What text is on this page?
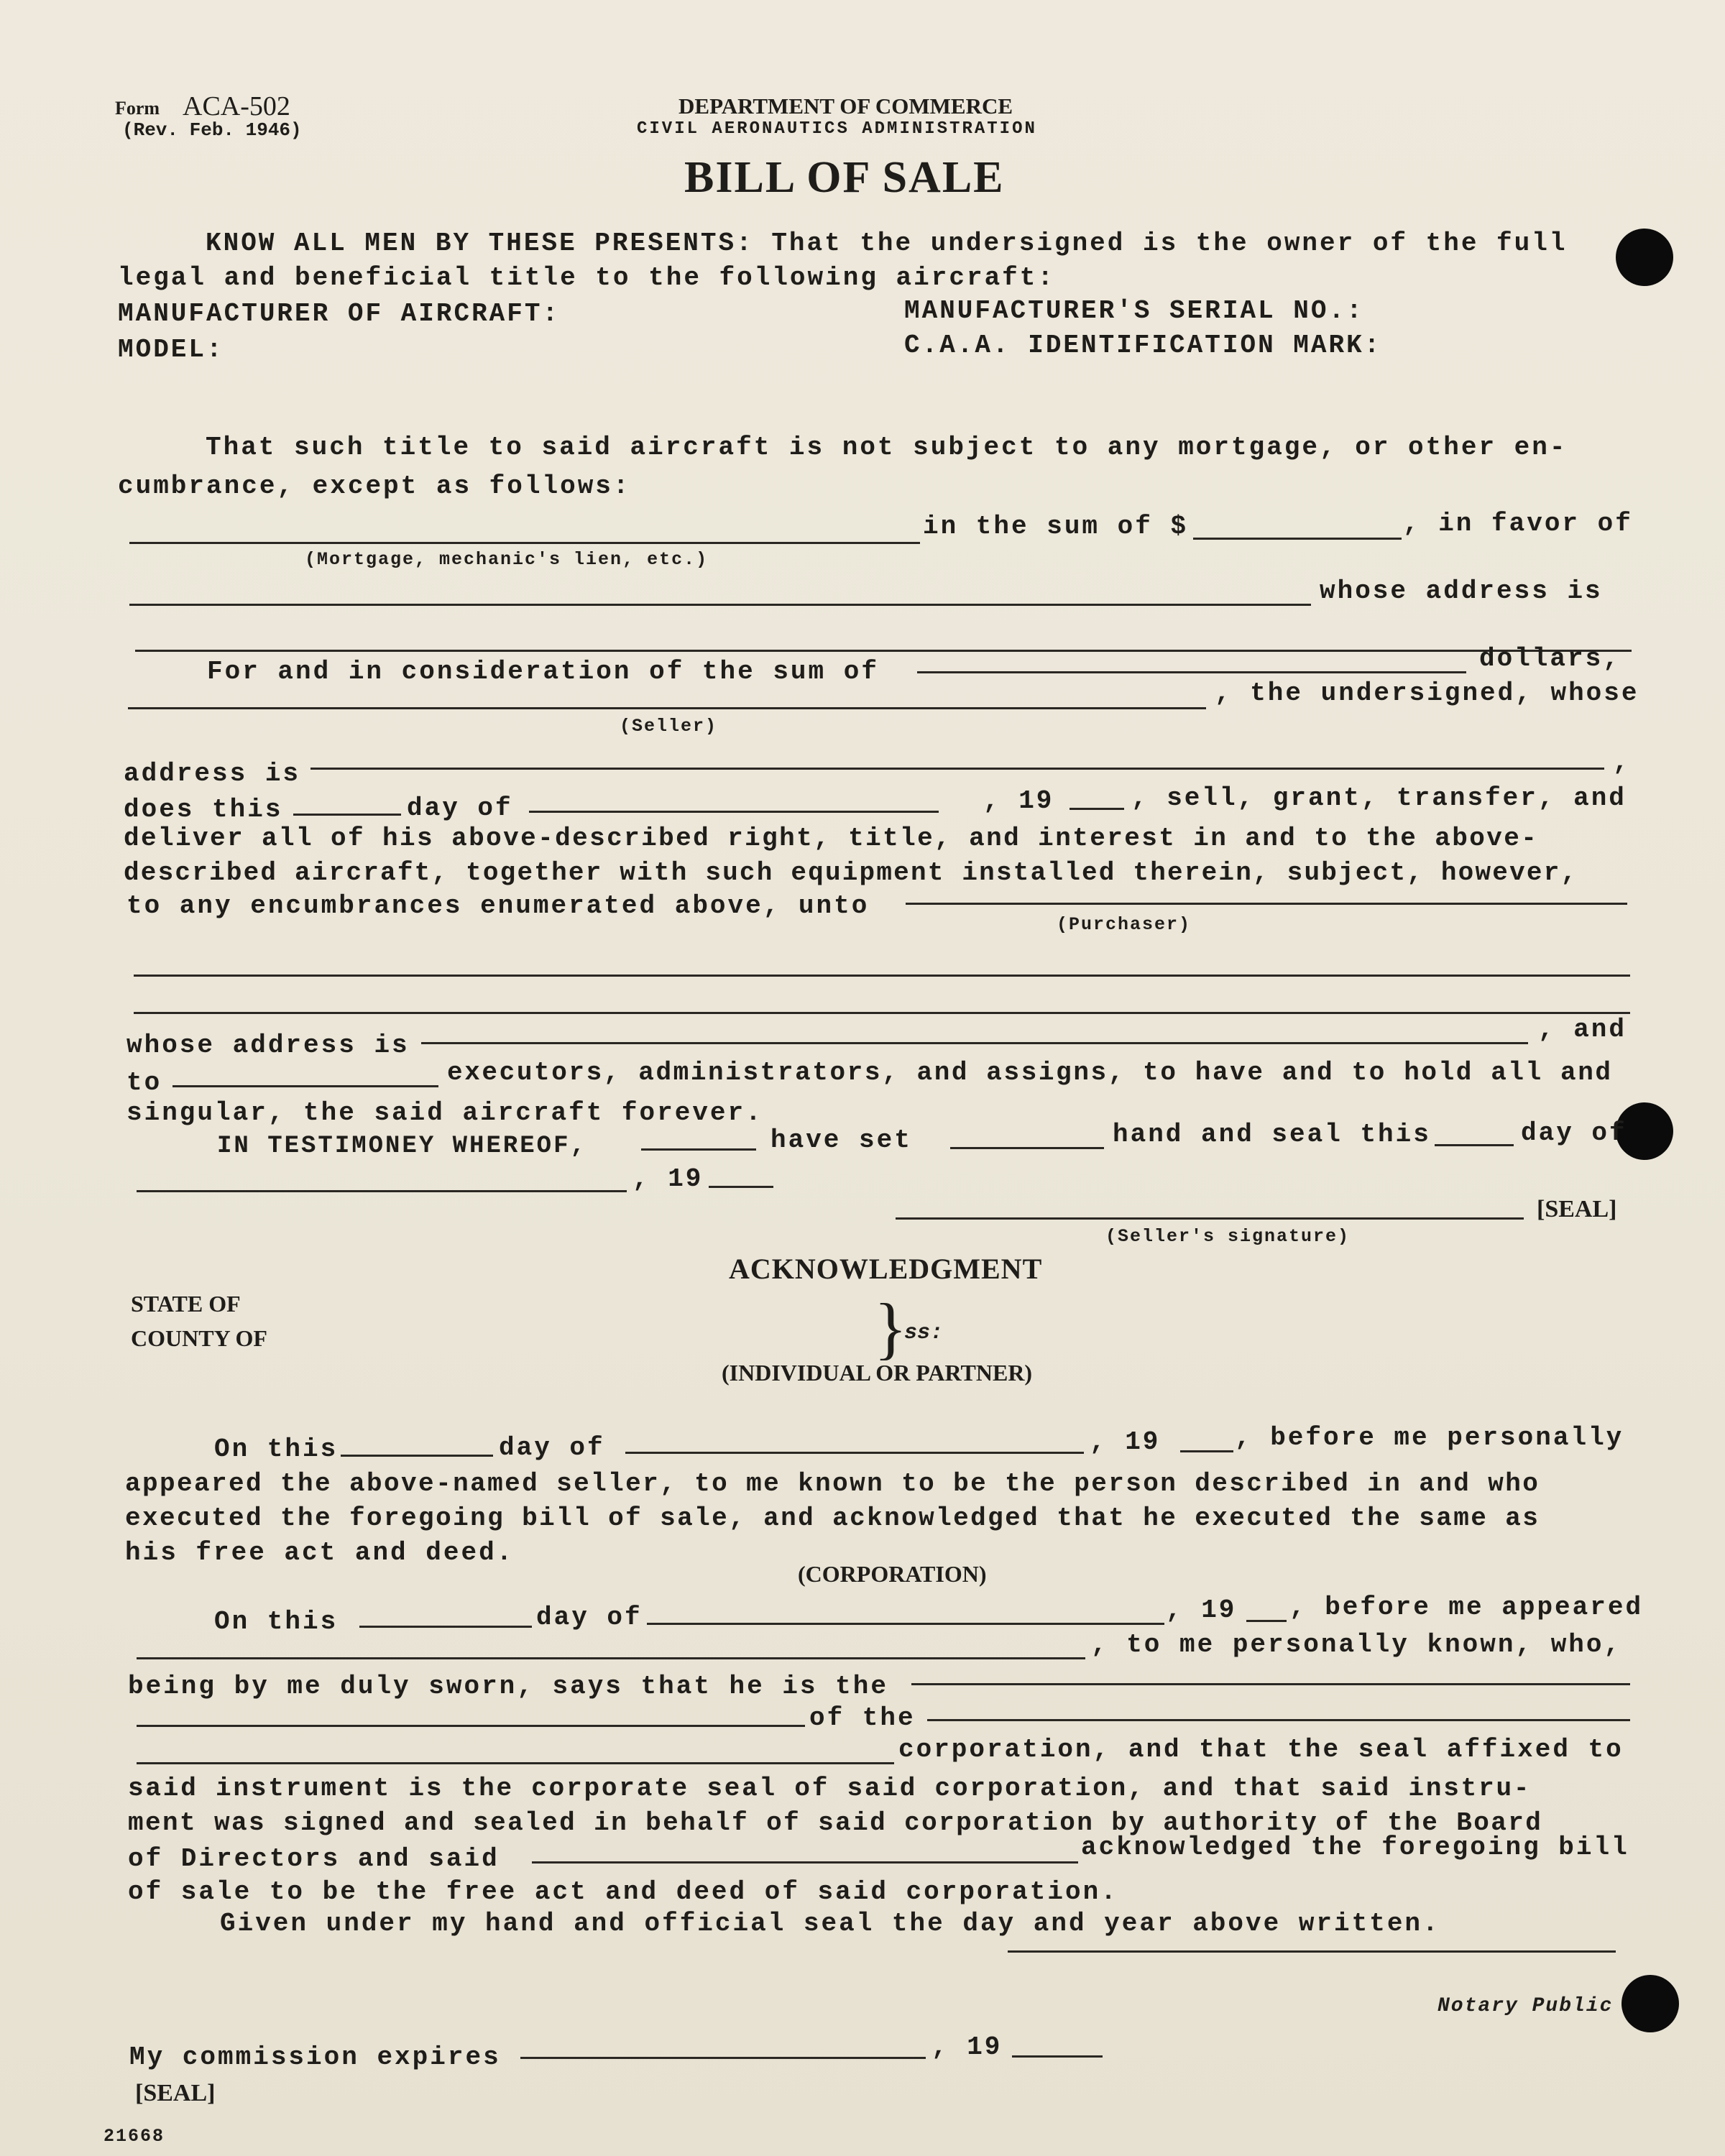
Form ACA-502
(Rev. Feb. 1946)
DEPARTMENT OF COMMERCE
CIVIL AERONAUTICS ADMINISTRATION
BILL OF SALE
KNOW ALL MEN BY THESE PRESENTS: That the undersigned is the owner of the full
legal and beneficial title to the following aircraft:
MANUFACTURER OF AIRCRAFT:	MANUFACTURER'S SERIAL NO.:
MODEL:	C.A.A. IDENTIFICATION MARK:
That such title to said aircraft is not subject to any mortgage, or other en-
cumbrance, except as follows:
in the sum of $	, in favor of
(Mortgage, mechanic's lien, etc.)
whose address is
For and in consideration of the sum of	dollars,
, the undersigned, whose
(Seller)
address is	,
does this	day of	, 19	, sell, grant, transfer, and
deliver all of his above-described right, title, and interest in and to the above-
described aircraft, together with such equipment installed therein, subject, however,
to any encumbrances enumerated above, unto
(Purchaser)
whose address is
, and
to	executors, administrators, and assigns, to have and to hold all and
singular, the said aircraft forever.
IN TESTIMONEY WHEREOF,	have set	hand and seal this	day of
, 19
[SEAL]
(Seller's signature)
ACKNOWLEDGMENT
STATE OF
COUNTY OF	}
ss:
(INDIVIDUAL OR PARTNER)
On this	day of	, 19	, before me personally
appeared the above-named seller, to me known to be the person described in and who
executed the foregoing bill of sale, and acknowledged that he executed the same as
his free act and deed.
(CORPORATION)
On this	day of	, 19 , before me appeared
, to me personally known, who,
being by me duly sworn, says that he is the
of the
corporation, and that the seal affixed to
said instrument is the corporate seal of said corporation, and that said instru-
ment was signed and sealed in behalf of said corporation by authority of the Board
of Directors and said	acknowledged the foregoing bill
of sale to be the free act and deed of said corporation.
Given under my hand and official seal the day and year above written.
Notary Public
My commission expires	, 19
[SEAL]
21668
